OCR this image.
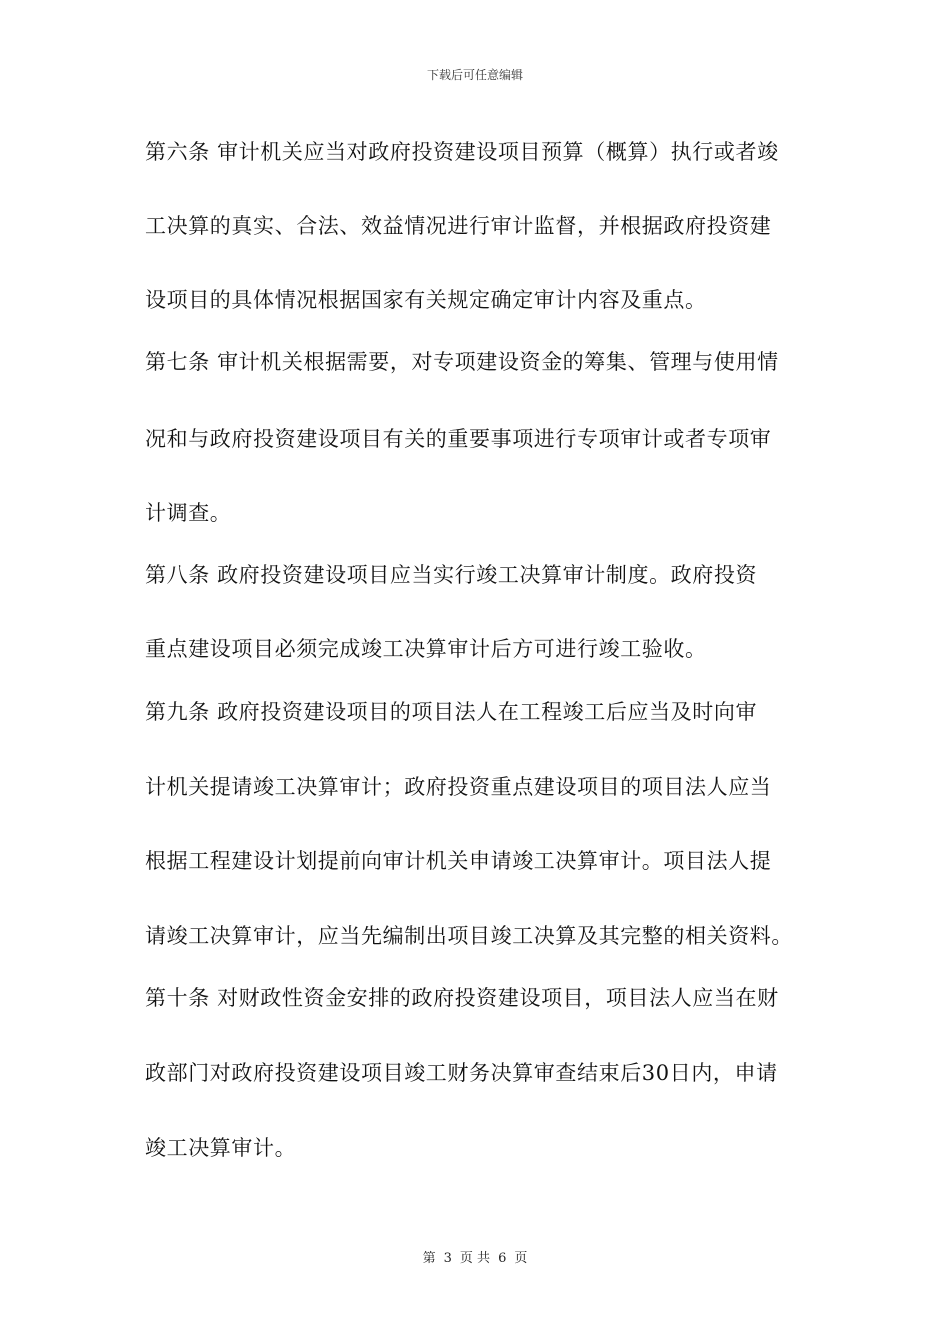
下载后可任意编辑
第六条 审计机关应当对政府投资建设项目预算（概算）执行或者竣
工决算的真实、合法、效益情况进行审计监督，并根据政府投资建
设项目的具体情况根据国家有关规定确定审计内容及重点。
第七条 审计机关根据需要，对专项建设资金的筹集、管理与使用情
况和与政府投资建设项目有关的重要事项进行专项审计或者专项审
计调查。
第八条 政府投资建设项目应当实行竣工决算审计制度。政府投资
重点建设项目必须完成竣工决算审计后方可进行竣工验收。
第九条 政府投资建设项目的项目法人在工程竣工后应当及时向审
计机关提请竣工决算审计；政府投资重点建设项目的项目法人应当
根据工程建设计划提前向审计机关申请竣工决算审计。项目法人提
请竣工决算审计，应当先编制出项目竣工决算及其完整的相关资料。
第十条 对财政性资金安排的政府投资建设项目，项目法人应当在财
政部门对政府投资建设项目竣工财务决算审查结束后30日内，申请
竣工决算审计。
第 3 页 共 6 页
